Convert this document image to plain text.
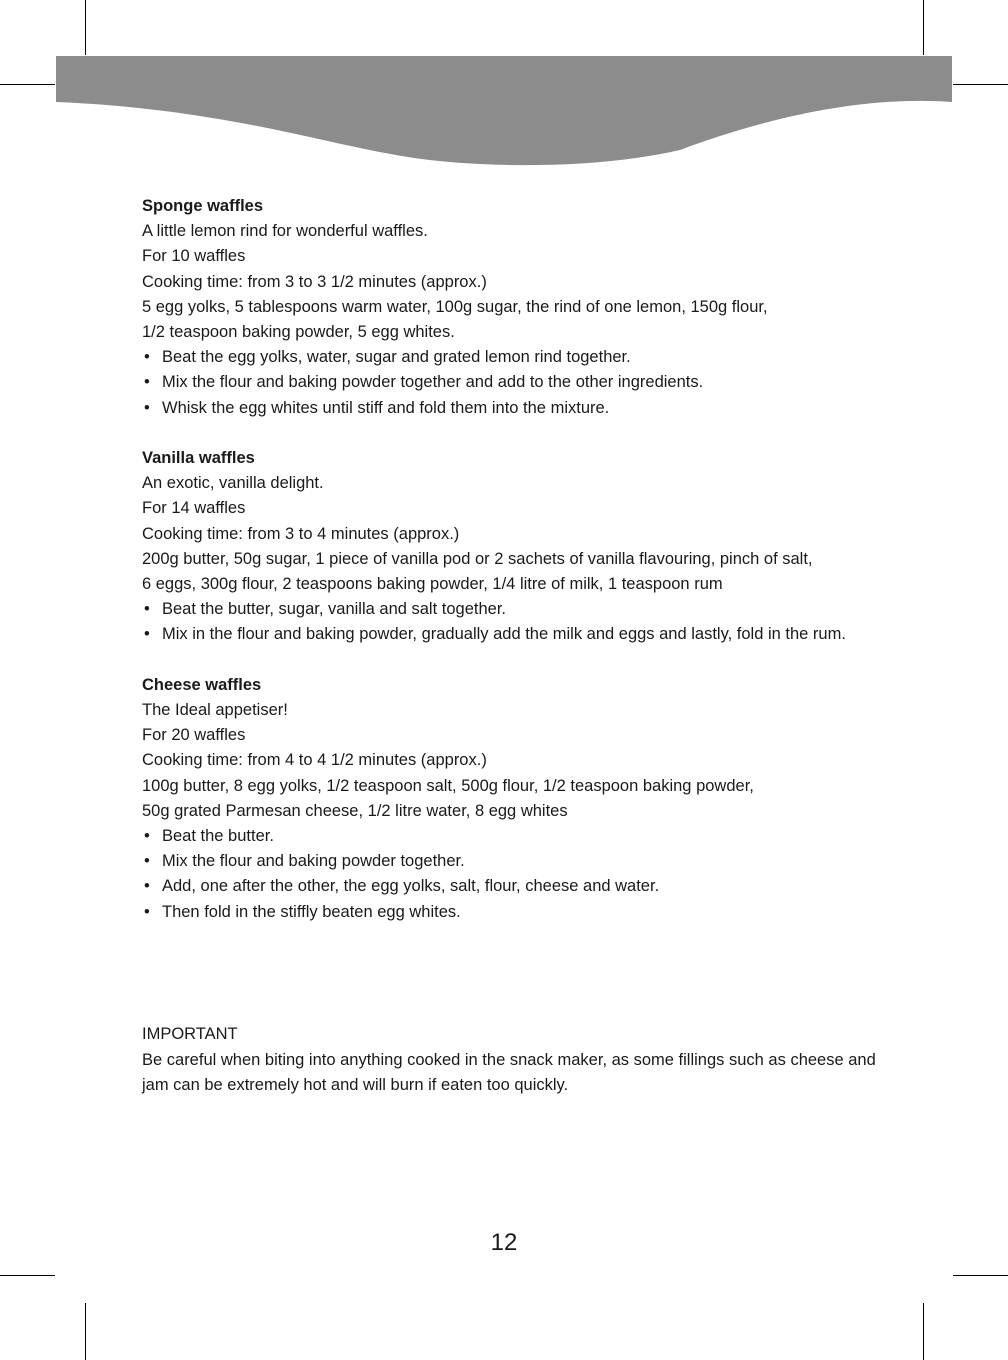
Sponge waffles

A little lemon rind for wonderful waffles.

For 10 waffles

Cooking time: from 3 to 3 1/2 minutes (approx.)

5 egg yolks, 5 tablespoons warm water, 100g sugar, the rind of one lemon, 150g flour,

1/2 teaspoon baking powder, 5 egg whites.

• Beat the egg yolks, water, sugar and grated lemon rind together.
• Mix the flour and baking powder together and add to the other ingredients.
• Whisk the egg whites until stiff and fold them into the mixture.
Vanilla waffles

An exotic, vanilla delight.

For 14 waffles

Cooking time: from 3 to 4 minutes (approx.)

200g butter, 50g sugar, 1 piece of vanilla pod or 2 sachets of vanilla flavouring, pinch of salt,

6 eggs, 300g flour, 2 teaspoons baking powder, 1/4 litre of milk, 1 teaspoon rum

• Beat the butter, sugar, vanilla and salt together.
• Mix in the flour and baking powder, gradually add the milk and eggs and lastly, fold in the rum.
Cheese waffles

The Ideal appetiser!

For 20 waffles

Cooking time: from 4 to 4 1/2 minutes (approx.)

100g butter, 8 egg yolks, 1/2 teaspoon salt, 500g flour, 1/2 teaspoon baking powder,

50g grated Parmesan cheese, 1/2 litre water, 8 egg whites

• Beat the butter.
• Mix the flour and baking powder together.
• Add, one after the other, the egg yolks, salt, flour, cheese and water.
• Then fold in the stiffly beaten egg whites.

IMPORTANT

Be careful when biting into anything cooked in the snack maker, as some fillings such as cheese and jam can be extremely hot and will burn if eaten too quickly.

12
